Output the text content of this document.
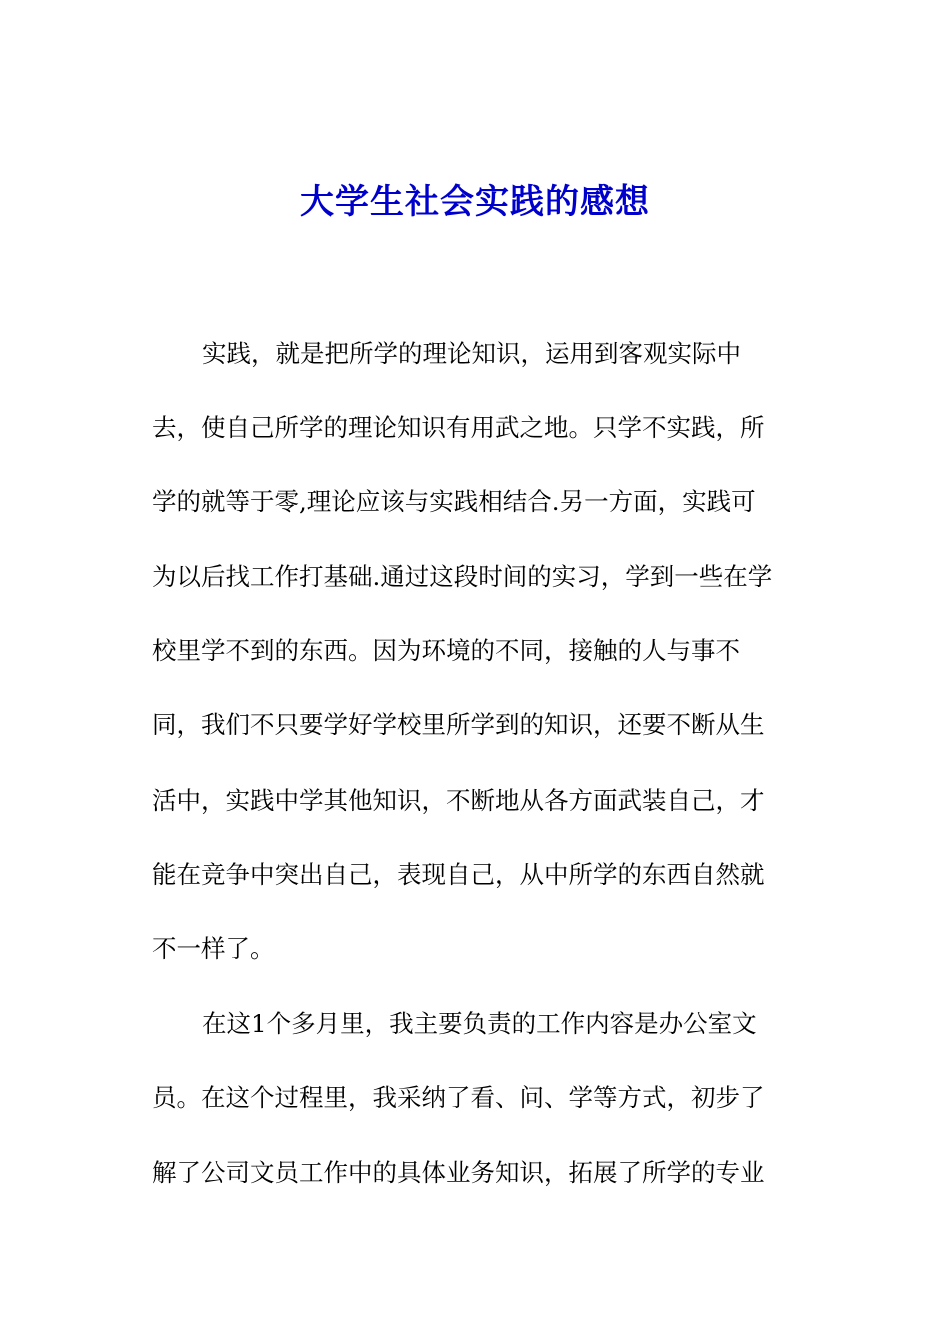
大学生社会实践的感想

实践，就是把所学的理论知识，运用到客观实际中

去，使自己所学的理论知识有用武之地。只学不实践，所

学的就等于零,理论应该与实践相结合.另一方面，实践可

为以后找工作打基础.通过这段时间的实习，学到一些在学

校里学不到的东西。因为环境的不同，接触的人与事不

同，我们不只要学好学校里所学到的知识，还要不断从生

活中，实践中学其他知识，不断地从各方面武装自己，才

能在竞争中突出自己，表现自己，从中所学的东西自然就

不一样了。

在这1个多月里，我主要负责的工作内容是办公室文

员。在这个过程里，我采纳了看、问、学等方式，初步了

解了公司文员工作中的具体业务知识，拓展了所学的专业
